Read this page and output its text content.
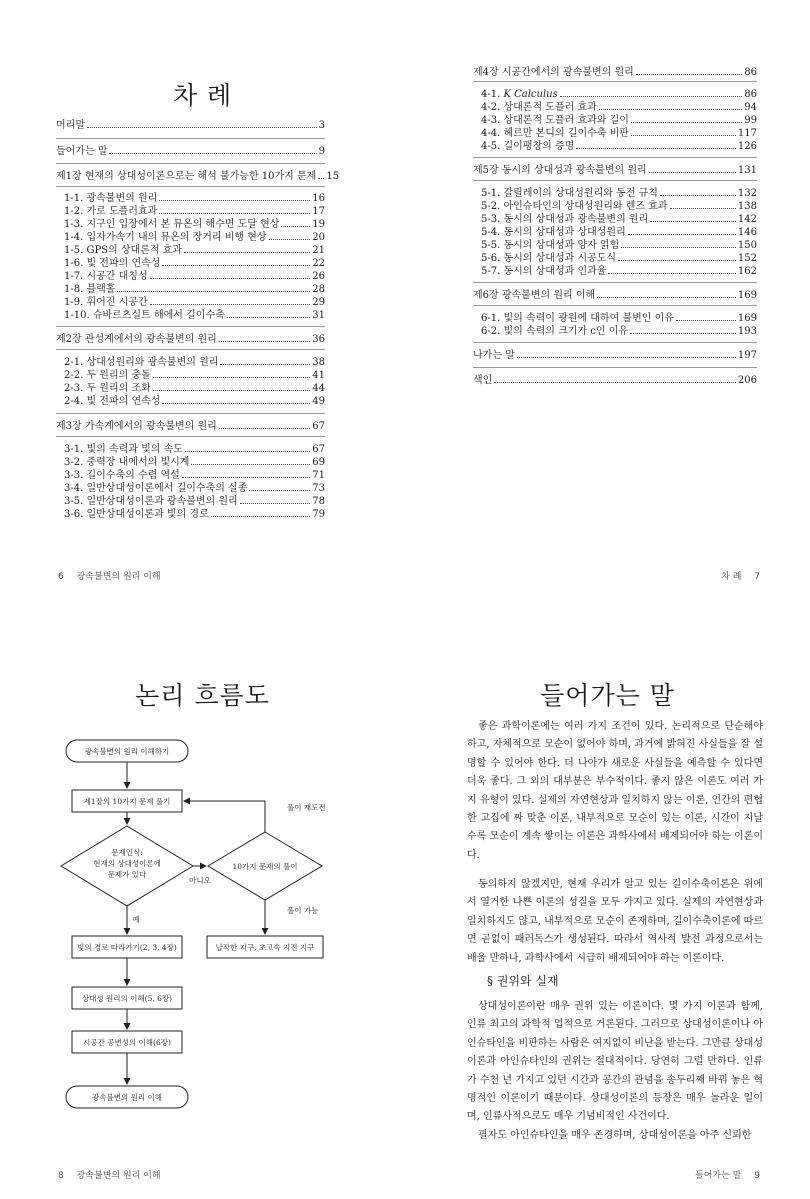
차 례
머리말	3
들어가는 말	9
제1장 현재의 상대성이론으로는 해석 불가능한 10가지 문제 15
1-1. 광속불변의 원리	16
1-2. 가로 도플러효과	17
1-3. 지구인 입장에서 본 뮤온의 해수면 도달 현상	19
1-4. 입자가속기 내의 뮤온의 장거리 비행 현상	20
1-5. GPS의 상대론적 효과	21
1-6. 빛 전파의 연속성	22
1-7. 시공간 대칭성	26
1-8. 블랙홀	28
1-9. 휘어진 시공간	29
1-10. 슈바르츠실트 해에서 길이수축	31
제2장 관성계에서의 광속불변의 원리	36
2-1. 상대성원리와 광속불변의 원리	38
2-2. 두 원리의 충돌	41
2-3. 두 원리의 조화	44
2-4. 빛 전파의 연속성	49
제3장 가속계에서의 광속불변의 원리	67
3-1. 빛의 속력과 빛의 속도	67
3-2. 중력장 내에서의 빛시계	69
3-3. 길이수축의 수렴 역설	71
3-4. 일반상대성이론에서 길이수축의 실종	73
3-5. 일반상대성이론과 광속불변의 원리	78
3-6. 일반상대성이론과 빛의 경로	79
6 광속불변의 원리 이해
제4장 시공간에서의 광속불변의 원리	86
4-1. K Calculus	86
4-2. 상대론적 도플러 효과	94
4-3. 상대론적 도플러 효과와 길이	99
4-4. 헤르만 본디의 길이수축 비판	117
4-5. 길이팽창의 증명	126
제5장 동시의 상대성과 광속불변의 원리	131
5-1. 갈릴레이의 상대성원리와 동전 규칙	132
5-2. 아인슈타인의 상대성원리와 렌즈 효과	138
5-3. 동시의 상대성과 광속불변의 원리	142
5-4. 동시의 상대성과 상대성원리	146
5-5. 동시의 상대성과 양자 얽힘	150
5-6. 동시의 상대성과 시공도식	152
5-7. 동시의 상대성과 인과율	162
제6장 광속불변의 원리 이해	169
6-1. 빛의 속력이 광원에 대하여 불변인 이유	169
6-2. 빛의 속력의 크기가 c인 이유	193
나가는 말	197
색인	206
차 례 7
논리 흐름도
광속불변의 원리 이해하기
제1장의 10가지 문제 풀기
문제인식:
현재의 상대성이론에
문제가 있다
10가지 문제의 풀이
아니오
예
풀이 재도전
풀이 가능
납작한 지구, 초고속 지진 지구
빛의 경로 따라가기(2, 3, 4장)
상대성 원리의 이해(5, 6장)
시공간 공변성의 이해(6장)
광속불변의 원리 이해
8 광속불변의 원리 이해
들어가는 말

좋은 과학이론에는 여러 가지 조건이 있다. 논리적으로 단순해야 하고, 자체적으로 모순이 없어야 하며, 과거에 밝혀진 사실들을 잘 설명할 수 있어야 한다. 더 나아가 새로운 사실들을 예측할 수 있다면 더욱 좋다. 그 외의 대부분은 부수적이다. 좋지 않은 이론도 여러 가지 유형이 있다. 실제의 자연현상과 일치하지 않는 이론, 인간의 편협한 고집에 짜 맞춘 이론, 내부적으로 모순이 있는 이론, 시간이 지날수록 모순이 계속 쌓이는 이론은 과학사에서 배제되어야 하는 이론이다.

동의하지 않겠지만, 현재 우리가 알고 있는 길이수축이론은 위에서 열거한 나쁜 이론의 성질을 모두 가지고 있다. 실제의 자연현상과 일치하지도 않고, 내부적으로 모순이 존재하며, 길이수축이론에 따르면 곧없이 패러독스가 생성된다. 따라서 역사적 발전 과정으로서는 배울 만하나, 과학사에서 시급히 배제되어야 하는 이론이다.

§ 권위와 실재

상대성이론이란 매우 권위 있는 이론이다. 몇 가지 이론과 함께, 인류 최고의 과학적 업적으로 거론된다. 그러므로 상대성이론이나 아인슈타인을 비판하는 사람은 여지없이 비난을 받는다. 그만큼 상대성이론과 아인슈타인의 권위는 절대적이다. 당연히 그럴 만하다. 인류가 수천 년 가지고 있던 시간과 공간의 관념을 송두리째 바꿔 놓은 혁명적인 이론이기 때문이다. 상대성이론의 등장은 매우 놀라운 일이며, 인류사적으로도 매우 기념비적인 사건이다.

필자도 아인슈타인을 매우 존경하며, 상대성이론을 아주 신뢰한

들어가는 말 9
